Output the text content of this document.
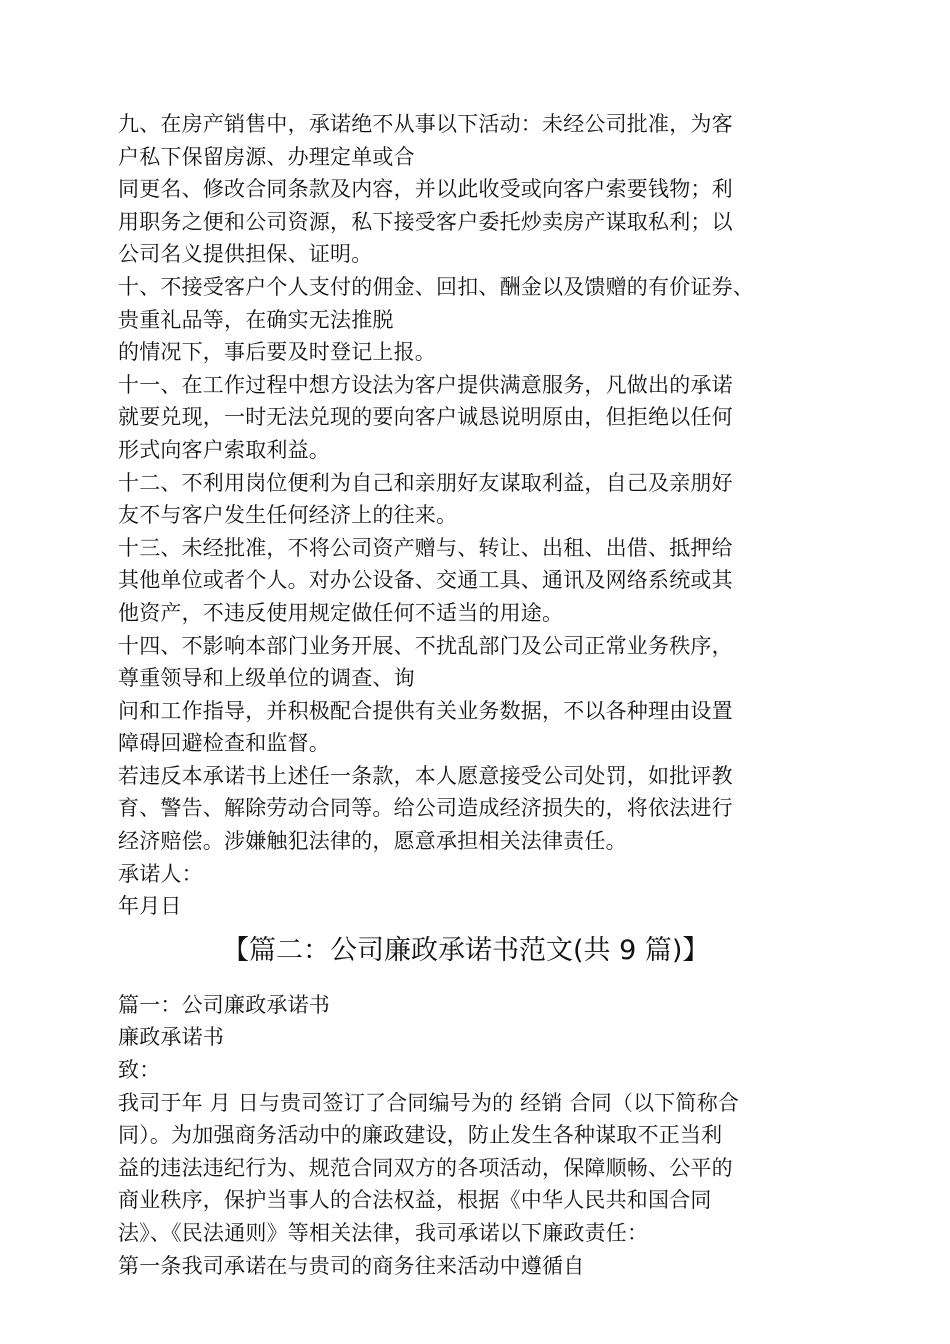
九、在房产销售中，承诺绝不从事以下活动：未经公司批准，为客
户私下保留房源、办理定单或合
同更名、修改合同条款及内容，并以此收受或向客户索要钱物；利
用职务之便和公司资源，私下接受客户委托炒卖房产谋取私利；以
公司名义提供担保、证明。
十、不接受客户个人支付的佣金、回扣、酬金以及馈赠的有价证券、
贵重礼品等，在确实无法推脱
的情况下，事后要及时登记上报。
十一、在工作过程中想方设法为客户提供满意服务，凡做出的承诺
就要兑现，一时无法兑现的要向客户诚恳说明原由，但拒绝以任何
形式向客户索取利益。
十二、不利用岗位便利为自己和亲朋好友谋取利益，自己及亲朋好
友不与客户发生任何经济上的往来。
十三、未经批准，不将公司资产赠与、转让、出租、出借、抵押给
其他单位或者个人。对办公设备、交通工具、通讯及网络系统或其
他资产，不违反使用规定做任何不适当的用途。
十四、不影响本部门业务开展、不扰乱部门及公司正常业务秩序，
尊重领导和上级单位的调查、询
问和工作指导，并积极配合提供有关业务数据，不以各种理由设置
障碍回避检查和监督。
若违反本承诺书上述任一条款，本人愿意接受公司处罚，如批评教
育、警告、解除劳动合同等。给公司造成经济损失的，将依法进行
经济赔偿。涉嫌触犯法律的，愿意承担相关法律责任。
承诺人：
年月日
【篇二：公司廉政承诺书范文(共 9 篇)】
篇一：公司廉政承诺书
廉政承诺书
致：
我司于年 月 日与贵司签订了合同编号为的 经销 合同（以下简称合
同）。为加强商务活动中的廉政建设，防止发生各种谋取不正当利
益的违法违纪行为、规范合同双方的各项活动，保障顺畅、公平的
商业秩序，保护当事人的合法权益，根据《中华人民共和国合同
法》、《民法通则》等相关法律，我司承诺以下廉政责任：
第一条我司承诺在与贵司的商务往来活动中遵循自
